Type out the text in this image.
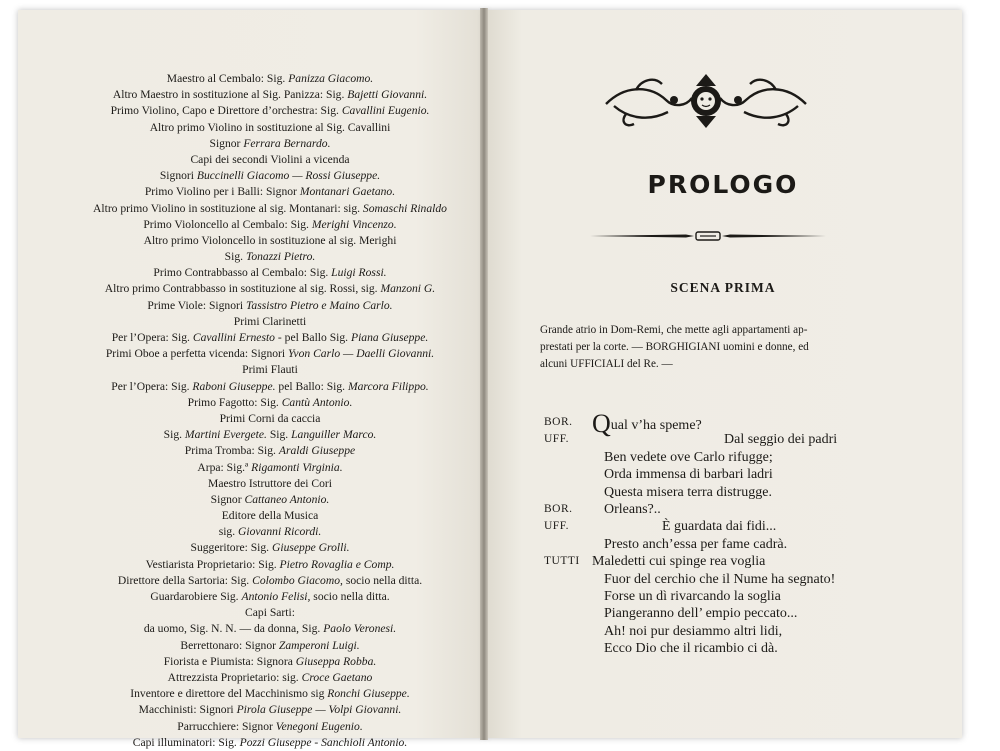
Maestro al Cembalo: Sig. Panizza Giacomo.
Altro Maestro in sostituzione al Sig. Panizza: Sig. Bajetti Giovanni.
Primo Violino, Capo e Direttore d’orchestra: Sig. Cavallini Eugenio.
Altro primo Violino in sostituzione al Sig. Cavallini
Signor Ferrara Bernardo.
Capi dei secondi Violini a vicenda
Signori Buccinelli Giacomo — Rossi Giuseppe.
Primo Violino per i Balli: Signor Montanari Gaetano.
Altro primo Violino in sostituzione al sig. Montanari: sig. Somaschi Rinaldo
Primo Violoncello al Cembalo: Sig. Merighi Vincenzo.
Altro primo Violoncello in sostituzione al sig. Merighi
Sig. Tonazzi Pietro.
Primo Contrabbasso al Cembalo: Sig. Luigi Rossi.
Altro primo Contrabbasso in sostituzione al sig. Rossi, sig. Manzoni G.
Prime Viole: Signori Tassistro Pietro e Maino Carlo.
Primi Clarinetti
Per l’Opera: Sig. Cavallini Ernesto - pel Ballo Sig. Piana Giuseppe.
Primi Oboe a perfetta vicenda: Signori Yvon Carlo — Daelli Giovanni.
Primi Flauti
Per l’Opera: Sig. Raboni Giuseppe. pel Ballo: Sig. Marcora Filippo.
Primo Fagotto: Sig. Cantù Antonio.
Primi Corni da caccia
Sig. Martini Evergete. Sig. Languiller Marco.
Prima Tromba: Sig. Araldi Giuseppe
Arpa: Sig.ª Rigamonti Virginia.
Maestro Istruttore dei Cori
Signor Cattaneo Antonio.
Editore della Musica
sig. Giovanni Ricordi.
Suggeritore: Sig. Giuseppe Grolli.
Vestiarista Proprietario: Sig. Pietro Rovaglia e Comp.
Direttore della Sartoria: Sig. Colombo Giacomo, socio nella ditta.
Guardarobiere Sig. Antonio Felisi, socio nella ditta.
Capi Sarti:
da uomo, Sig. N. N. — da donna, Sig. Paolo Veronesi.
Berrettonaro: Signor Zamperoni Luigi.
Fiorista e Piumista: Signora Giuseppa Robba.
Attrezzista Proprietario: sig. Croce Gaetano
Inventore e direttore del Macchinismo sig Ronchi Giuseppe.
Macchinisti: Signori Pirola Giuseppe — Volpi Giovanni.
Parrucchiere: Signor Venegoni Eugenio.
Capi illuminatori: Sig. Pozzi Giuseppe - Sanchioli Antonio.
PROLOGO
SCENA PRIMA
Grande atrio in Dom-Remi, che mette agli appartamenti ap-
prestati per la corte. — BORGHIGIANI uomini e donne, ed
alcuni UFFICIALI del Re. —
BOR. Qual v’ha speme?
UFF.	Dal seggio dei padri
Ben vedete ove Carlo rifugge;
Orda immensa di barbari ladri
Questa misera terra distrugge.
BOR. Orleans?..
UFF.	È guardata dai fidi...
Presto anch’essa per fame cadrà.
TUTTI Maledetti cui spinge rea voglia
Fuor del cerchio che il Nume ha segnato!
Forse un dì rivarcando la soglia
Piangeranno dell’ empio peccato...
Ah! noi pur desiammo altri lidi,
Ecco Dio che il ricambio ci dà.
